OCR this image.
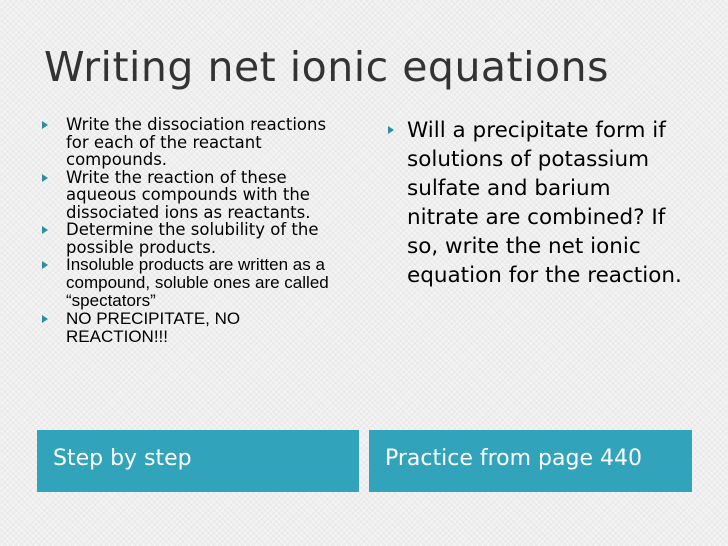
Writing net ionic equations
Write the dissociation reactions for each of the reactant compounds.
Write the reaction of these aqueous compounds with the dissociated ions as reactants.
Determine the solubility of the possible products.
Insoluble products are written as a compound, soluble ones are called “spectators”
NO PRECIPITATE, NO REACTION!!!
Will a precipitate form if solutions of potassium sulfate and barium nitrate are combined? If so, write the net ionic equation for the reaction.
Step by step	Practice from page 440
